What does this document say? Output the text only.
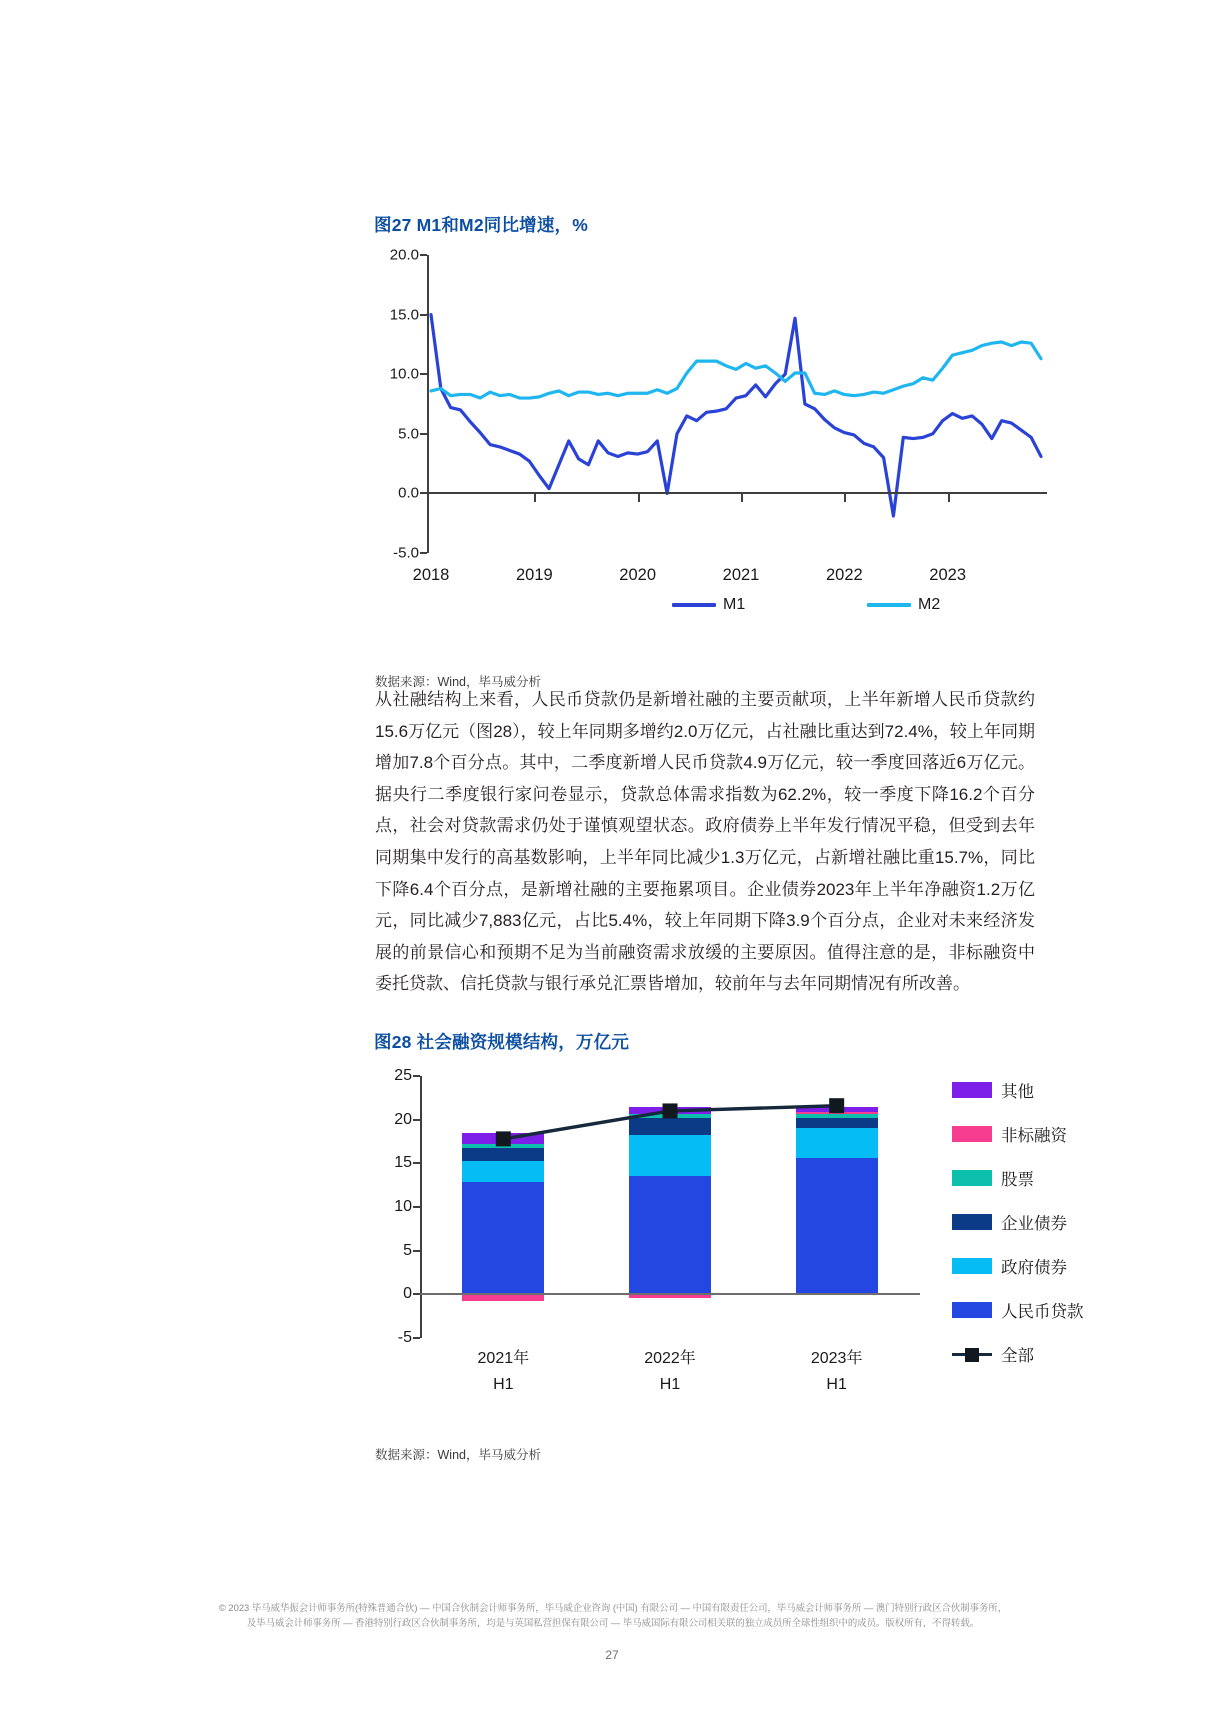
图27 M1和M2同比增速，%
20.0
15.0
10.0
5.0
0.0
-5.0
2018	2019	2020	2021	2022	2023
M1	M2
数据来源：Wind，毕马威分析
从社融结构上来看，人民币贷款仍是新增社融的主要贡献项，上半年新增人民币贷款约15.6万亿元（图28），较上年同期多增约2.0万亿元，占社融比重达到72.4%，较上年同期增加7.8个百分点。其中，二季度新增人民币贷款4.9万亿元，较一季度回落近6万亿元。据央行二季度银行家问卷显示，贷款总体需求指数为62.2%，较一季度下降16.2个百分点，社会对贷款需求仍处于谨慎观望状态。政府债券上半年发行情况平稳，但受到去年同期集中发行的高基数影响，上半年同比减少1.3万亿元，占新增社融比重15.7%，同比下降6.4个百分点，是新增社融的主要拖累项目。企业债券2023年上半年净融资1.2万亿元，同比减少7,883亿元，占比5.4%，较上年同期下降3.9个百分点，企业对未来经济发展的前景信心和预期不足为当前融资需求放缓的主要原因。值得注意的是，非标融资中委托贷款、信托贷款与银行承兑汇票皆增加，较前年与去年同期情况有所改善。
图28 社会融资规模结构，万亿元
25
20
15
10
5
0
-5
2021年
H1
2022年
H1
2023年
H1
其他
非标融资
股票
企业债券
政府债券
人民币贷款
全部
数据来源：Wind，毕马威分析
© 2023 毕马威华振会计师事务所(特殊普通合伙) — 中国合伙制会计师事务所，毕马威企业咨询 (中国) 有限公司 — 中国有限责任公司，毕马威会计师事务所 — 澳门特别行政区合伙制事务所，
及毕马威会计师事务所 — 香港特别行政区合伙制事务所，均是与英国私营担保有限公司 — 毕马威国际有限公司相关联的独立成员所全球性组织中的成员。版权所有，不得转载。
27
